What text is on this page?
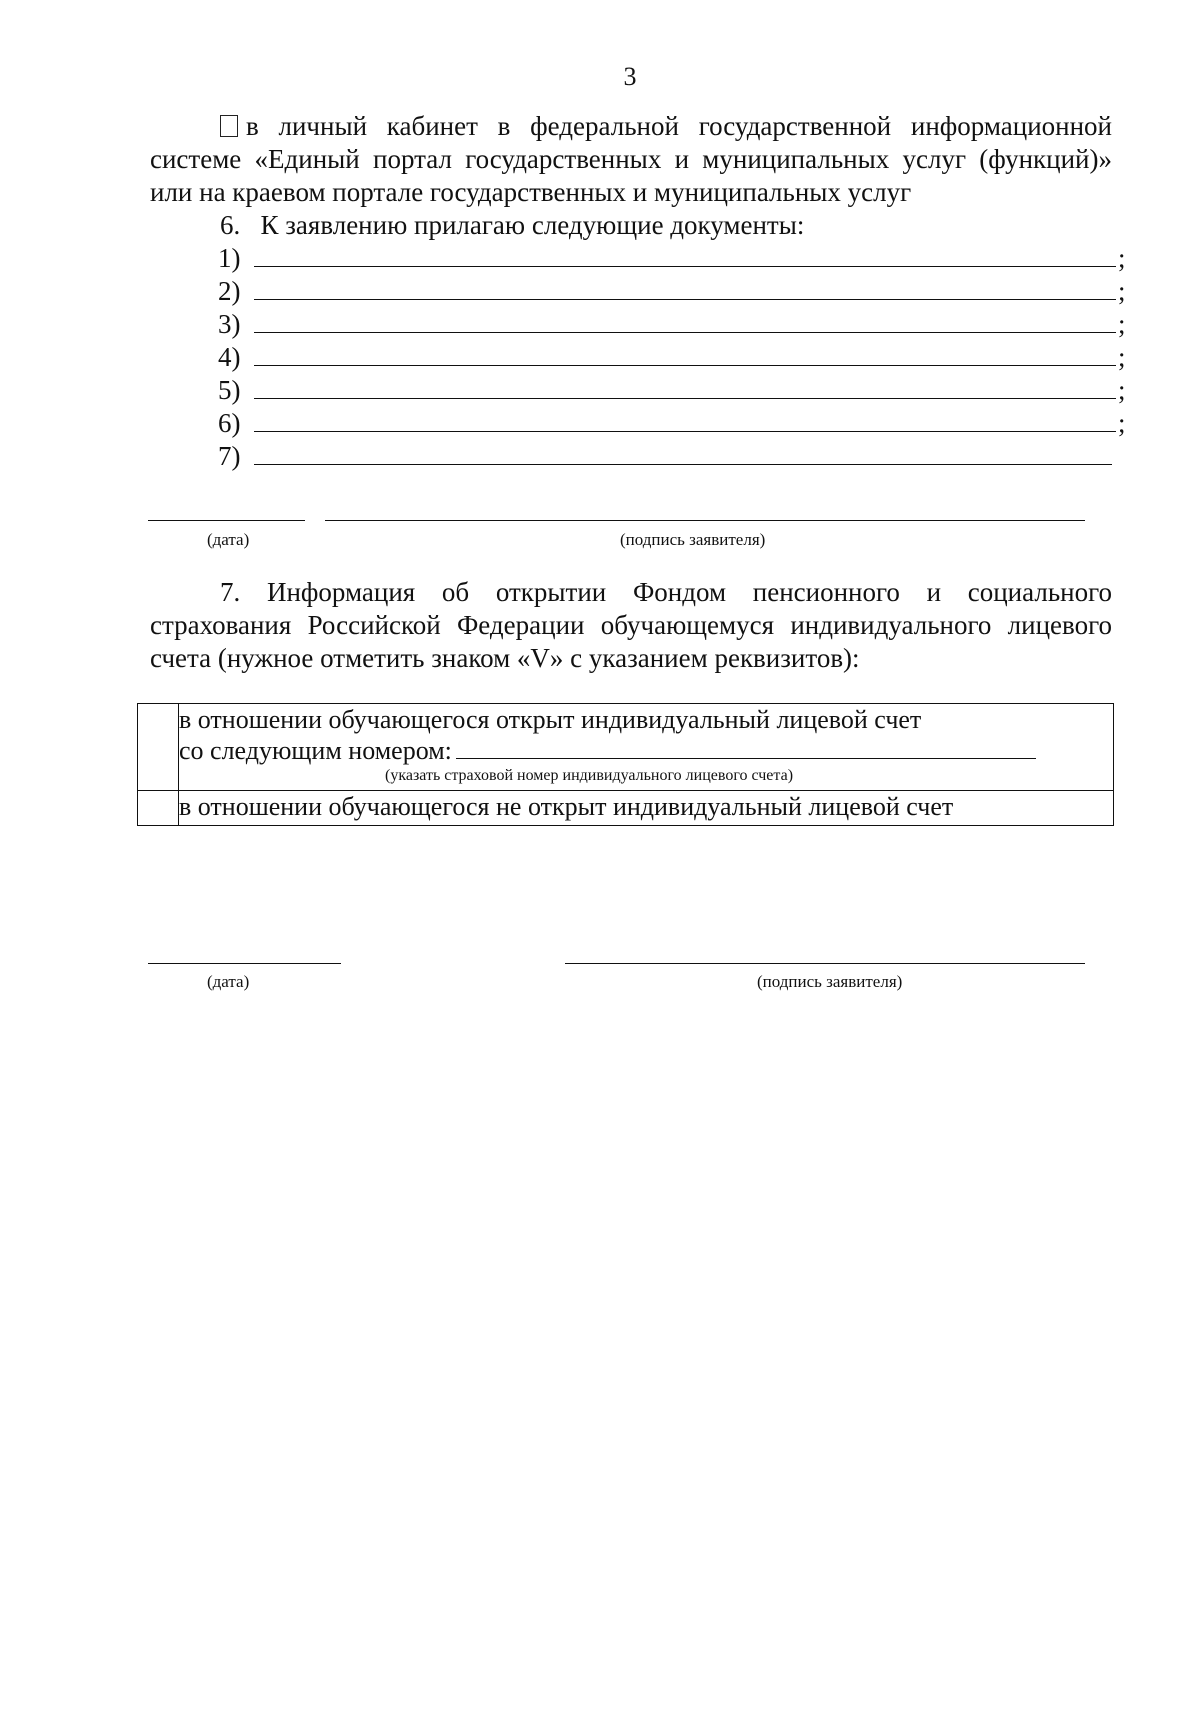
3
в личный кабинет в федеральной государственной информационной системе «Единый портал государственных и муниципальных услуг (функций)» или на краевом портале государственных и муниципальных услуг
6.   К заявлению прилагаю следующие документы:
1)	;
2)	;
3)	;
4)	;
5)	;
6)	;
7)
(дата)	(подпись заявителя)
7. Информация об открытии Фондом пенсионного и социального страхования Российской Федерации обучающемуся индивидуального лицевого счета (нужное отметить знаком «V» с указанием реквизитов):

	в отношении обучающегося открыт индивидуальный лицевой счет
со следующим номером:
(указать страховой номер индивидуального лицевого счета)

	в отношении обучающегося не открыт индивидуальный лицевой счет
(дата)	(подпись заявителя)
